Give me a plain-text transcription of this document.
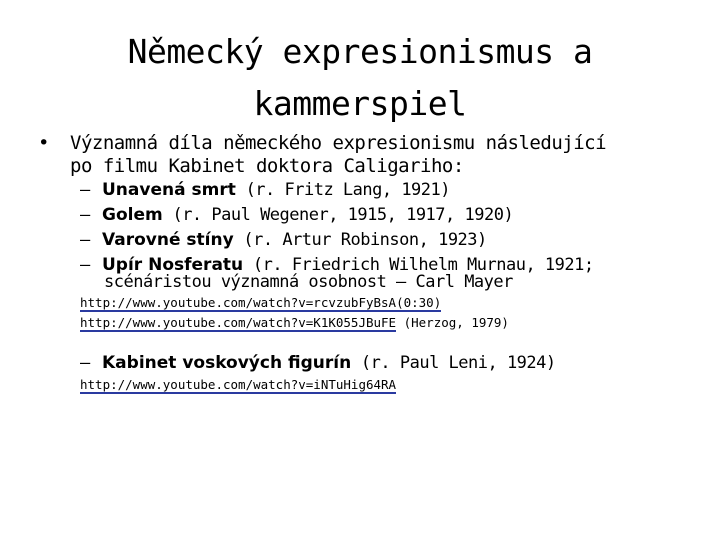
Německý expresionismus a
kammerspiel
• Významná díla německého expresionismu následující
po filmu Kabinet doktora Caligariho:
– Unavená smrt (r. Fritz Lang, 1921)
– Golem (r. Paul Wegener, 1915, 1917, 1920)
– Varovné stíny (r. Artur Robinson, 1923)
– Upír Nosferatu (r. Friedrich Wilhelm Murnau, 1921;
scénáristou významná osobnost – Carl Mayer
http://www.youtube.com/watch?v=rcvzubFyBsA(0:30)
http://www.youtube.com/watch?v=K1K055JBuFE (Herzog, 1979)
– Kabinet voskových figurín (r. Paul Leni, 1924)
http://www.youtube.com/watch?v=iNTuHig64RA
